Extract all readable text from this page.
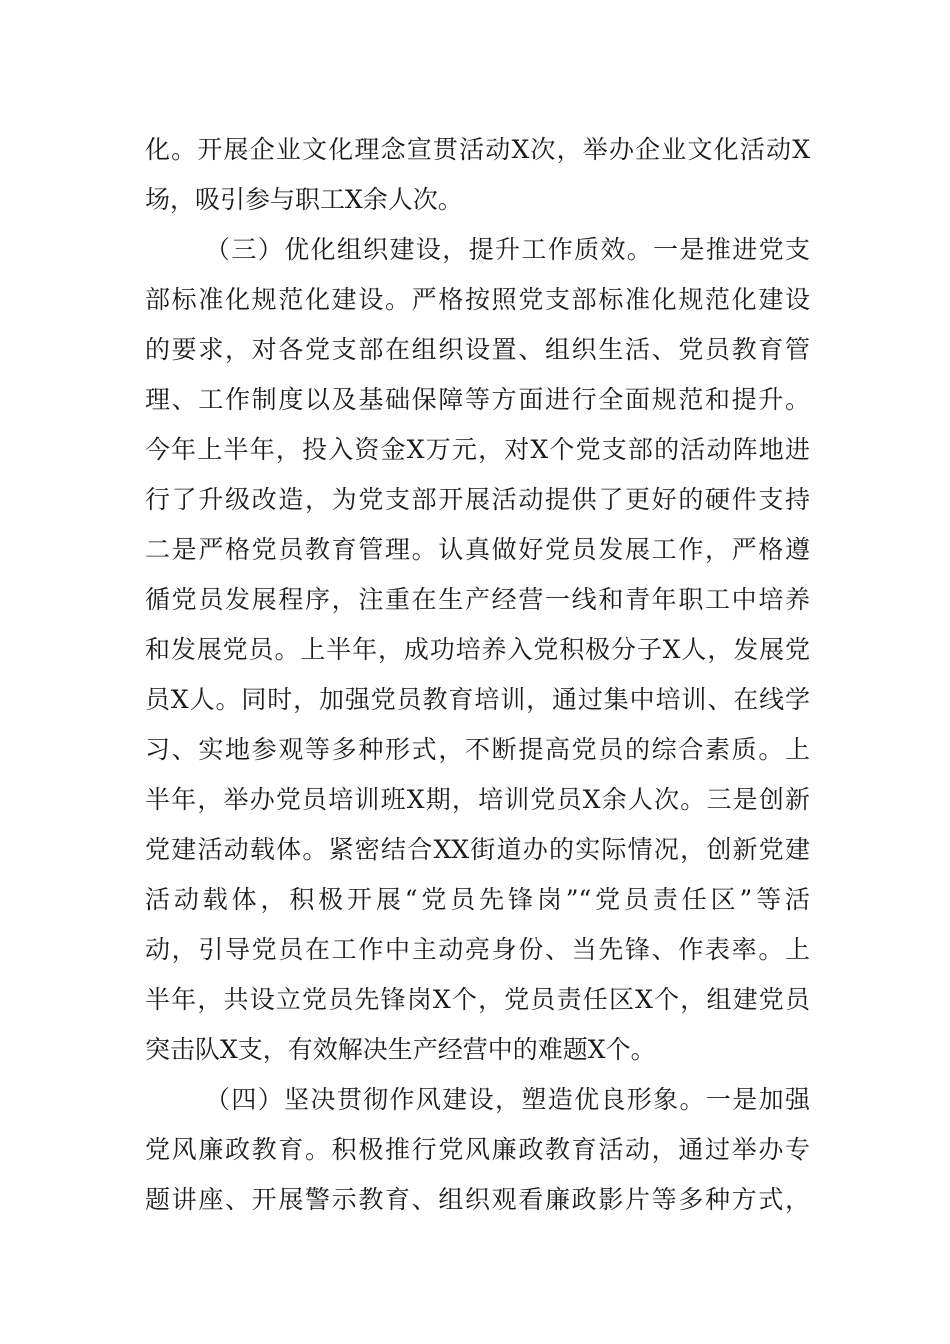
化。开展企业文化理念宣贯活动X次，举办企业文化活动X
场，吸引参与职工X余人次。
（三）优化组织建设，提升工作质效。一是推进党支
部标准化规范化建设。严格按照党支部标准化规范化建设
的要求，对各党支部在组织设置、组织生活、党员教育管
理、工作制度以及基础保障等方面进行全面规范和提升。
今年上半年，投入资金X万元，对X个党支部的活动阵地进
行了升级改造，为党支部开展活动提供了更好的硬件支持
二是严格党员教育管理。认真做好党员发展工作，严格遵
循党员发展程序，注重在生产经营一线和青年职工中培养
和发展党员。上半年，成功培养入党积极分子X人，发展党
员X人。同时，加强党员教育培训，通过集中培训、在线学
习、实地参观等多种形式，不断提高党员的综合素质。上
半年，举办党员培训班X期，培训党员X余人次。三是创新
党建活动载体。紧密结合XX街道办的实际情况，创新党建
活动载体，积极开展“党员先锋岗”“党员责任区”等活
动，引导党员在工作中主动亮身份、当先锋、作表率。上
半年，共设立党员先锋岗X个，党员责任区X个，组建党员
突击队X支，有效解决生产经营中的难题X个。
（四）坚决贯彻作风建设，塑造优良形象。一是加强
党风廉政教育。积极推行党风廉政教育活动，通过举办专
题讲座、开展警示教育、组织观看廉政影片等多种方式，
